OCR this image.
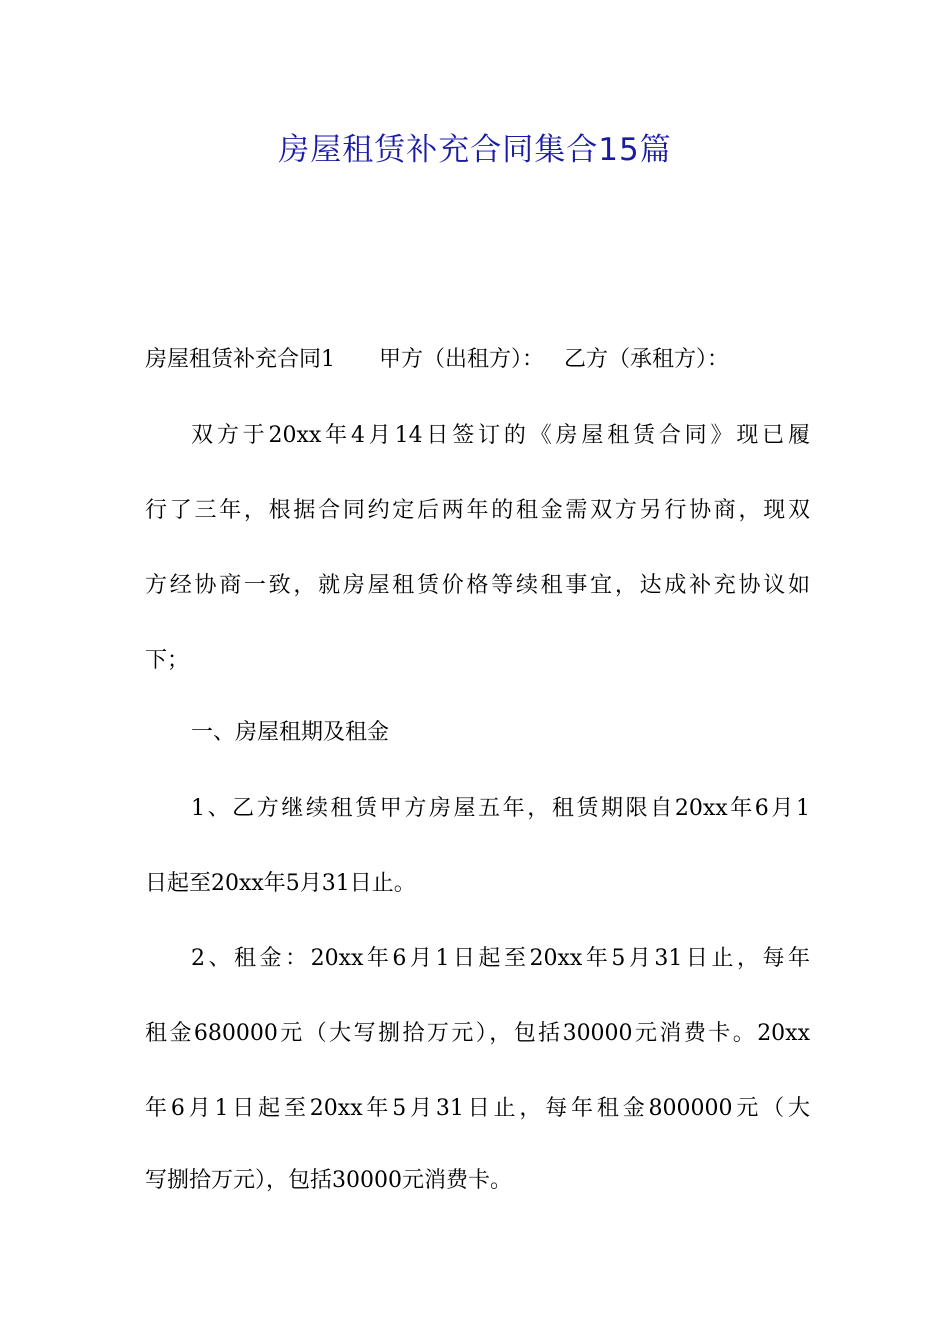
房屋租赁补充合同集合15篇
房屋租赁补充合同1 甲方（出租方）： 乙方（承租方）：
双方于20xx年4月14日签订的《房屋租赁合同》现已履
行了三年，根据合同约定后两年的租金需双方另行协商，现双
方经协商一致，就房屋租赁价格等续租事宜，达成补充协议如
下；
一、房屋租期及租金
1、乙方继续租赁甲方房屋五年，租赁期限自20xx年6月1
日起至20xx年5月31日止。
2、租金：20xx年6月1日起至20xx年5月31日止，每年
租金680000元（大写捌拾万元），包括30000元消费卡。20xx
年6月1日起至20xx年5月31日止，每年租金800000元（大
写捌拾万元），包括30000元消费卡。
